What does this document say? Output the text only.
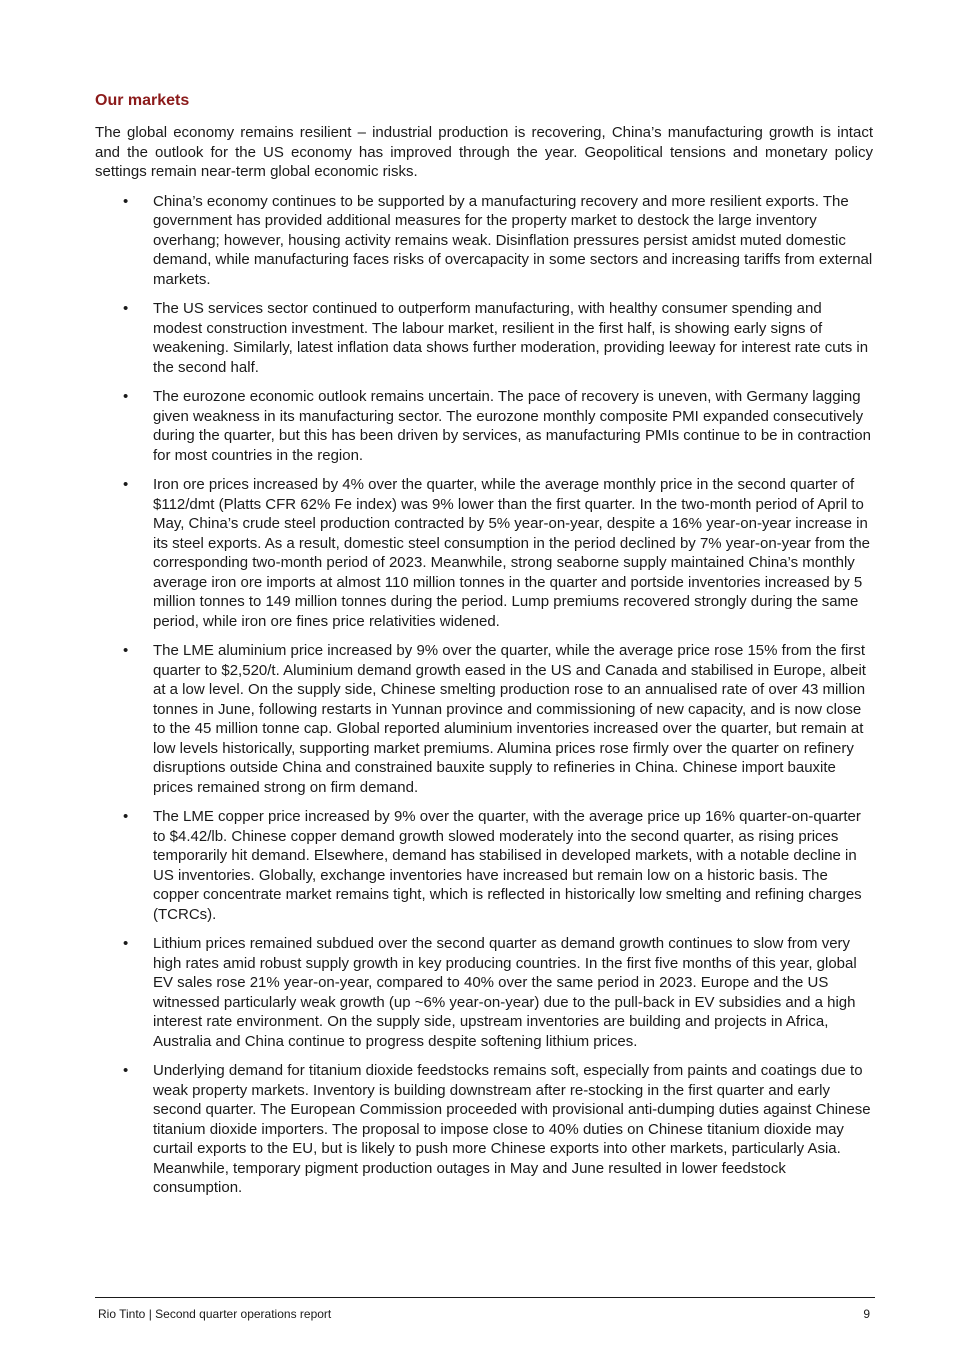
Our markets

The global economy remains resilient – industrial production is recovering, China’s manufacturing growth is intact and the outlook for the US economy has improved through the year. Geopolitical tensions and monetary policy settings remain near-term global economic risks.

• China’s economy continues to be supported by a manufacturing recovery and more resilient exports. The government has provided additional measures for the property market to destock the large inventory overhang; however, housing activity remains weak. Disinflation pressures persist amidst muted domestic demand, while manufacturing faces risks of overcapacity in some sectors and increasing tariffs from external markets.
• The US services sector continued to outperform manufacturing, with healthy consumer spending and modest construction investment. The labour market, resilient in the first half, is showing early signs of weakening. Similarly, latest inflation data shows further moderation, providing leeway for interest rate cuts in the second half.
• The eurozone economic outlook remains uncertain. The pace of recovery is uneven, with Germany lagging given weakness in its manufacturing sector. The eurozone monthly composite PMI expanded consecutively during the quarter, but this has been driven by services, as manufacturing PMIs continue to be in contraction for most countries in the region.
• Iron ore prices increased by 4% over the quarter, while the average monthly price in the second quarter of $112/dmt (Platts CFR 62% Fe index) was 9% lower than the first quarter. In the two-month period of April to May, China’s crude steel production contracted by 5% year-on-year, despite a 16% year-on-year increase in its steel exports. As a result, domestic steel consumption in the period declined by 7% year-on-year from the corresponding two-month period of 2023. Meanwhile, strong seaborne supply maintained China’s monthly average iron ore imports at almost 110 million tonnes in the quarter and portside inventories increased by 5 million tonnes to 149 million tonnes during the period. Lump premiums recovered strongly during the same period, while iron ore fines price relativities widened.
• The LME aluminium price increased by 9% over the quarter, while the average price rose 15% from the first quarter to $2,520/t. Aluminium demand growth eased in the US and Canada and stabilised in Europe, albeit at a low level. On the supply side, Chinese smelting production rose to an annualised rate of over 43 million tonnes in June, following restarts in Yunnan province and commissioning of new capacity, and is now close to the 45 million tonne cap. Global reported aluminium inventories increased over the quarter, but remain at low levels historically, supporting market premiums. Alumina prices rose firmly over the quarter on refinery disruptions outside China and constrained bauxite supply to refineries in China. Chinese import bauxite prices remained strong on firm demand.
• The LME copper price increased by 9% over the quarter, with the average price up 16% quarter-on-quarter to $4.42/lb. Chinese copper demand growth slowed moderately into the second quarter, as rising prices temporarily hit demand. Elsewhere, demand has stabilised in developed markets, with a notable decline in US inventories. Globally, exchange inventories have increased but remain low on a historic basis. The copper concentrate market remains tight, which is reflected in historically low smelting and refining charges (TCRCs).
• Lithium prices remained subdued over the second quarter as demand growth continues to slow from very high rates amid robust supply growth in key producing countries. In the first five months of this year, global EV sales rose 21% year-on-year, compared to 40% over the same period in 2023. Europe and the US witnessed particularly weak growth (up ~6% year-on-year) due to the pull-back in EV subsidies and a high interest rate environment. On the supply side, upstream inventories are building and projects in Africa, Australia and China continue to progress despite softening lithium prices.
• Underlying demand for titanium dioxide feedstocks remains soft, especially from paints and coatings due to weak property markets. Inventory is building downstream after re-stocking in the first quarter and early second quarter. The European Commission proceeded with provisional anti-dumping duties against Chinese titanium dioxide importers. The proposal to impose close to 40% duties on Chinese titanium dioxide may curtail exports to the EU, but is likely to push more Chinese exports into other markets, particularly Asia. Meanwhile, temporary pigment production outages in May and June resulted in lower feedstock consumption.
Rio Tinto | Second quarter operations report	9
